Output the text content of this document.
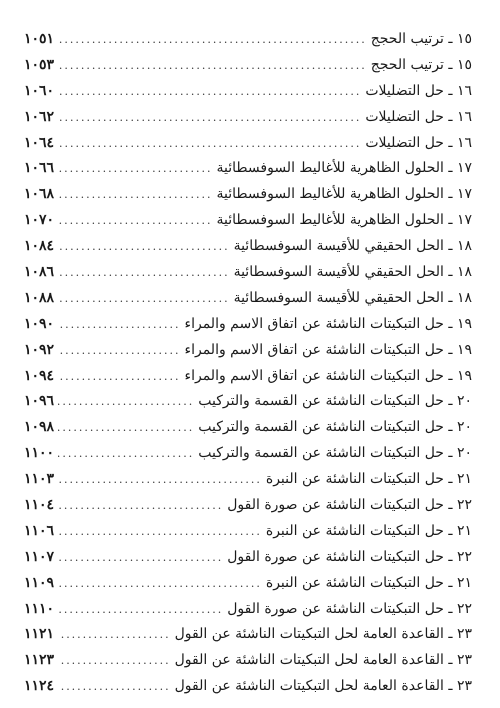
١٥ ـ ترتيب الحجج
.....
١٠٥١
١٥ ـ ترتيب الحجج
.....
١٠٥٣
١٦ ـ حل التضليلات
.....
١٠٦٠
١٦ ـ حل التضليلات
.....
١٠٦٢
١٦ ـ حل التضليلات
.....
١٠٦٤
١٧ ـ الحلول الظاهرية للأغاليط السوفسطائية
.....
١٠٦٦
١٧ ـ الحلول الظاهرية للأغاليط السوفسطائية
.....
١٠٦٨
١٧ ـ الحلول الظاهرية للأغاليط السوفسطائية
.....
١٠٧٠
١٨ ـ الحل الحقيقي للأقيسة السوفسطائية
.....
١٠٨٤
١٨ ـ الحل الحقيقي للأقيسة السوفسطائية
.....
١٠٨٦
١٨ ـ الحل الحقيقي للأقيسة السوفسطائية
.....
١٠٨٨
١٩ ـ حل التبكيتات الناشئة عن اتفاق الاسم والمراء
.....
١٠٩٠
١٩ ـ حل التبكيتات الناشئة عن اتفاق الاسم والمراء
.....
١٠٩٢
١٩ ـ حل التبكيتات الناشئة عن اتفاق الاسم والمراء
.....
١٠٩٤
٢٠ ـ حل التبكيتات الناشئة عن القسمة والتركيب
.....
١٠٩٦
٢٠ ـ حل التبكيتات الناشئة عن القسمة والتركيب
.....
١٠٩٨
٢٠ ـ حل التبكيتات الناشئة عن القسمة والتركيب
.....
١١٠٠
٢١ ـ حل التبكيتات الناشئة عن النبرة
.....
١١٠٣
٢٢ ـ حل التبكيتات الناشئة عن صورة القول
.....
١١٠٤
٢١ ـ حل التبكيتات الناشئة عن النبرة
.....
١١٠٦
٢٢ ـ حل التبكيتات الناشئة عن صورة القول
.....
١١٠٧
٢١ ـ حل التبكيتات الناشئة عن النبرة
.....
١١٠٩
٢٢ ـ حل التبكيتات الناشئة عن صورة القول
.....
١١١٠
٢٣ ـ القاعدة العامة لحل التبكيتات الناشئة عن القول
.....
١١٢١
٢٣ ـ القاعدة العامة لحل التبكيتات الناشئة عن القول
.....
١١٢٣
٢٣ ـ القاعدة العامة لحل التبكيتات الناشئة عن القول
.....
١١٢٤
